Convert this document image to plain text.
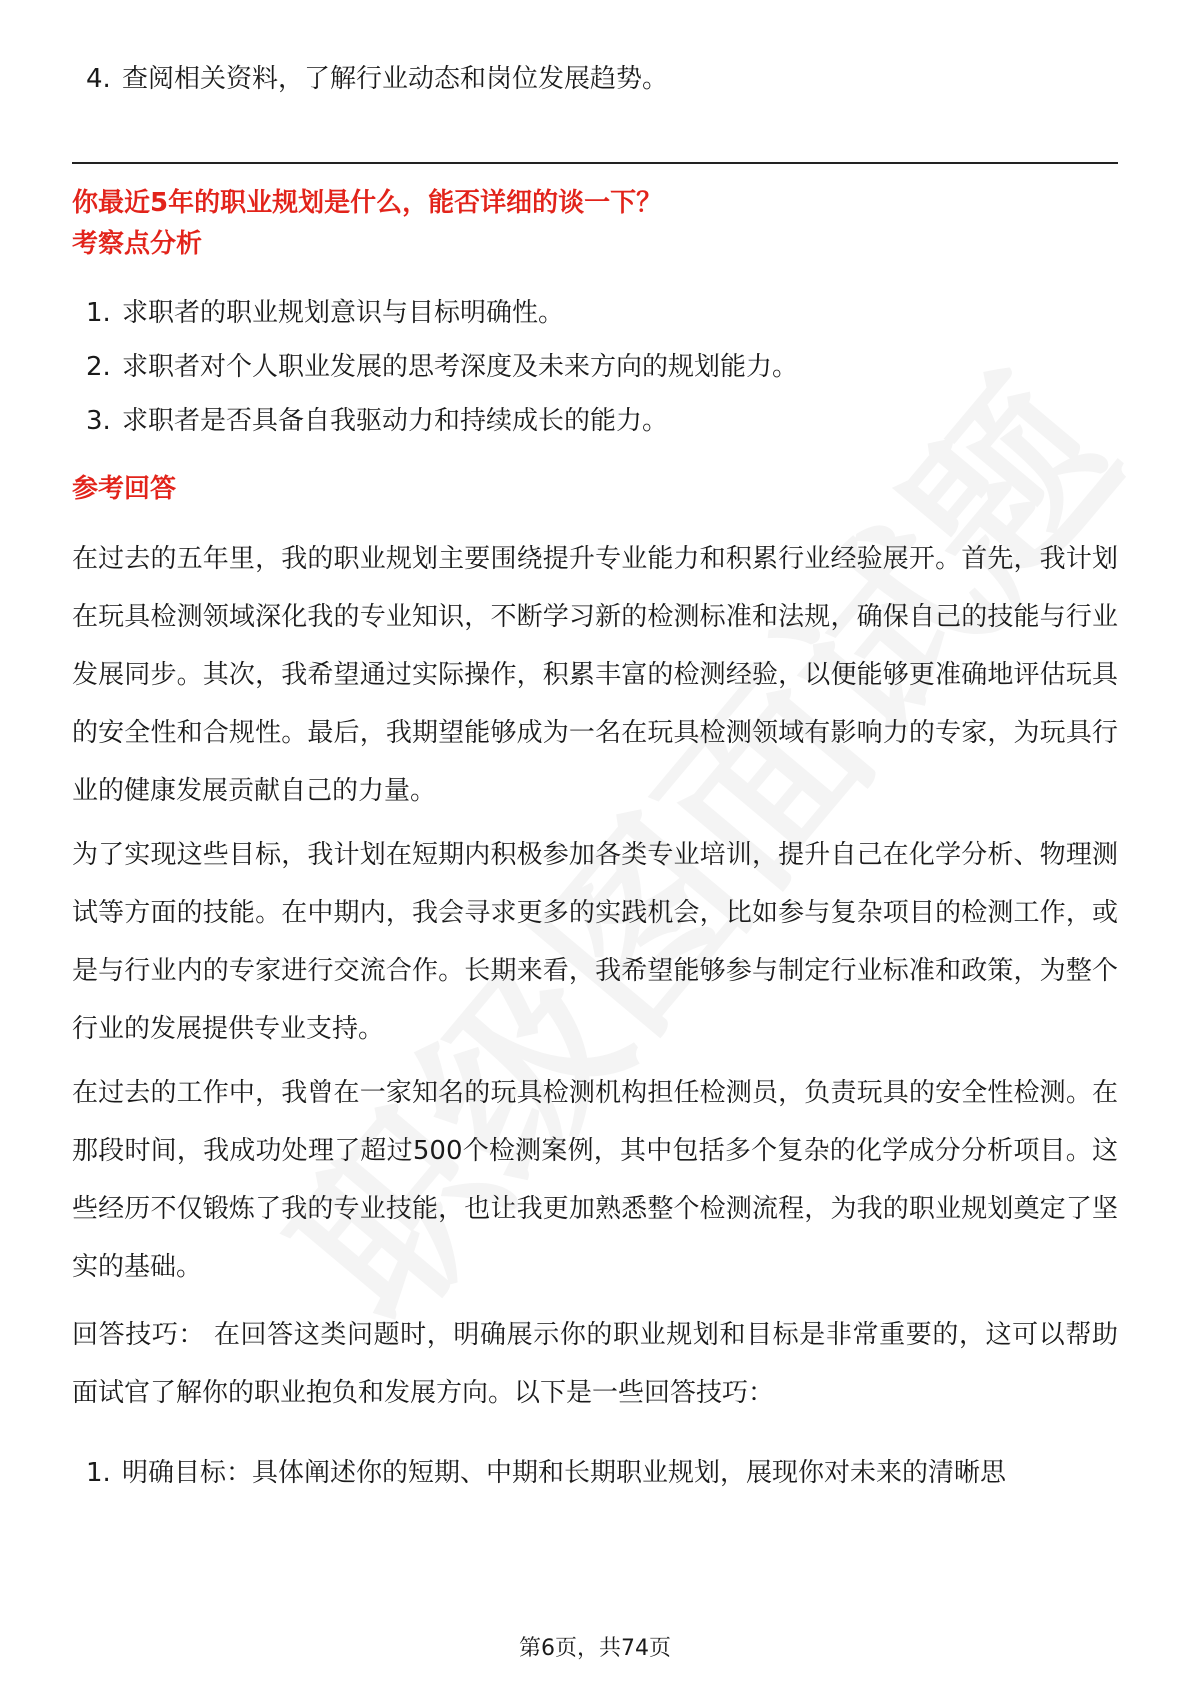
4. 查阅相关资料，了解行业动态和岗位发展趋势。
你最近5年的职业规划是什么，能否详细的谈一下？
考察点分析
1. 求职者的职业规划意识与目标明确性。
2. 求职者对个人职业发展的思考深度及未来方向的规划能力。
3. 求职者是否具备自我驱动力和持续成长的能力。
参考回答
在过去的五年里，我的职业规划主要围绕提升专业能力和积累行业经验展开。首先，我计划在玩具检测领域深化我的专业知识，不断学习新的检测标准和法规，确保自己的技能与行业发展同步。其次，我希望通过实际操作，积累丰富的检测经验，以便能够更准确地评估玩具的安全性和合规性。最后，我期望能够成为一名在玩具检测领域有影响力的专家，为玩具行业的健康发展贡献自己的力量。
为了实现这些目标，我计划在短期内积极参加各类专业培训，提升自己在化学分析、物理测试等方面的技能。在中期内，我会寻求更多的实践机会，比如参与复杂项目的检测工作，或是与行业内的专家进行交流合作。长期来看，我希望能够参与制定行业标准和政策，为整个行业的发展提供专业支持。
在过去的工作中，我曾在一家知名的玩具检测机构担任检测员，负责玩具的安全性检测。在那段时间，我成功处理了超过500个检测案例，其中包括多个复杂的化学成分分析项目。这些经历不仅锻炼了我的专业技能，也让我更加熟悉整个检测流程，为我的职业规划奠定了坚实的基础。
回答技巧： 在回答这类问题时，明确展示你的职业规划和目标是非常重要的，这可以帮助面试官了解你的职业抱负和发展方向。以下是一些回答技巧：
1. 明确目标：具体阐述你的短期、中期和长期职业规划，展现你对未来的清晰思
第6页，共74页
